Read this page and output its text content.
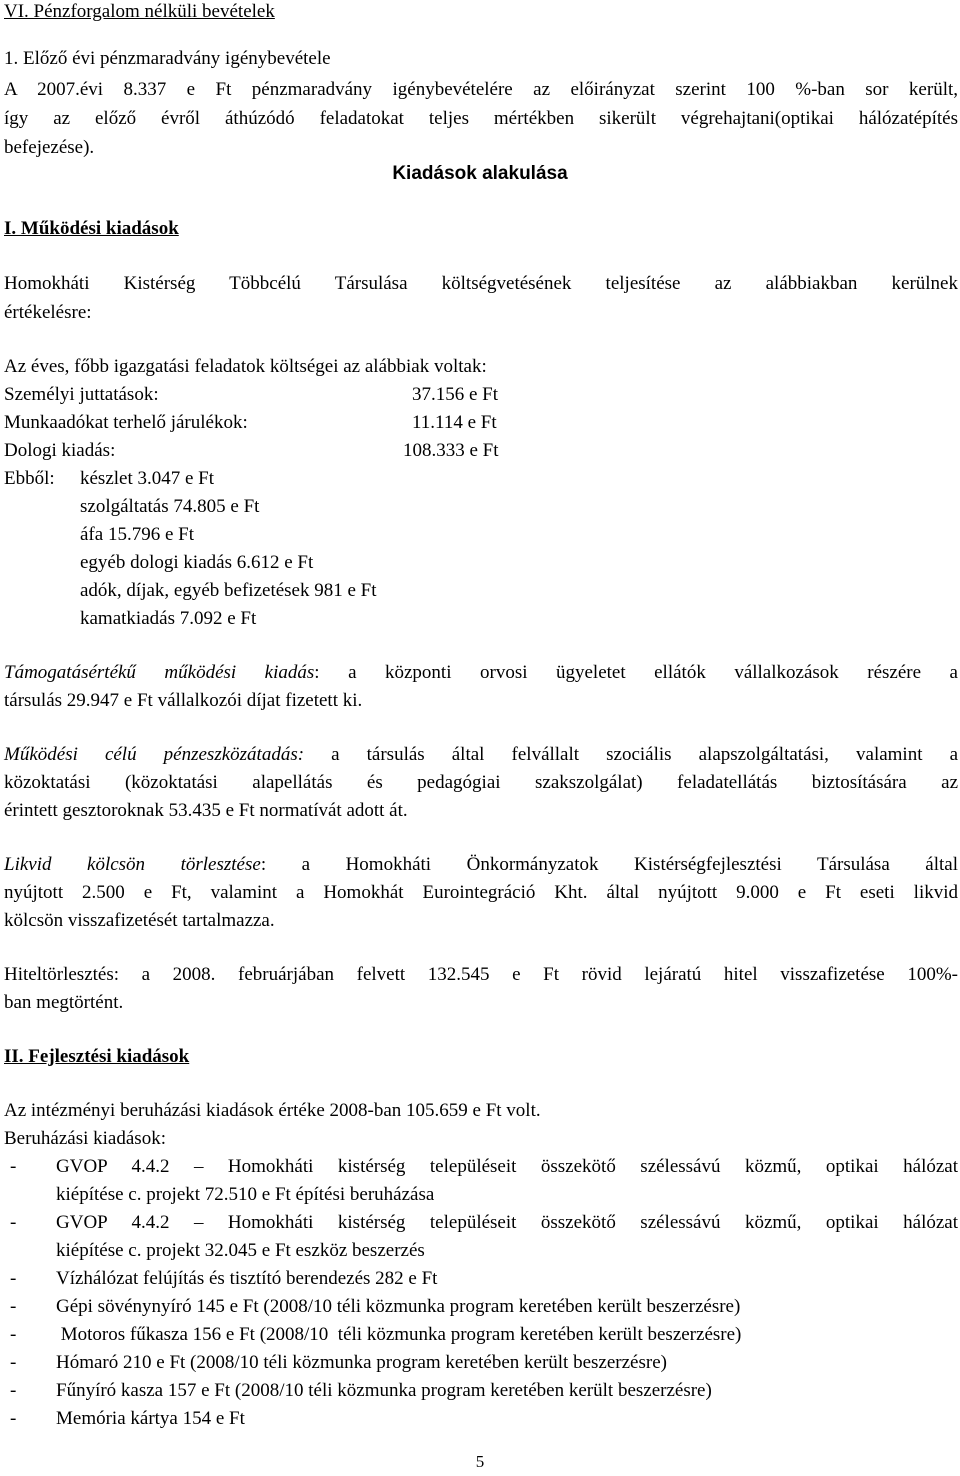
VI. Pénzforgalom nélküli bevételek
1. Előző évi pénzmaradvány igénybevétele
A 2007.évi 8.337 e Ft pénzmaradvány igénybevételére az előirányzat szerint 100 %-ban sor került,
így az előző évről áthúzódó feladatokat teljes mértékben sikerült végrehajtani(optikai hálózatépítés
befejezése).
Kiadások alakulása
I. Működési kiadások
Homokháti Kistérség Többcélú Társulása költségvetésének teljesítése az alábbiakban kerülnek
értékelésre:
Az éves, főbb igazgatási feladatok költségei az alábbiak voltak:
Személyi juttatások:	37.156 e Ft
Munkaadókat terhelő járulékok:	11.114 e Ft
Dologi kiadás:	108.333 e Ft
Ebből: készlet 3.047 e Ft
szolgáltatás 74.805 e Ft
áfa 15.796 e Ft
egyéb dologi kiadás 6.612 e Ft
adók, díjak, egyéb befizetések 981 e Ft
kamatkiadás 7.092 e Ft
Támogatásértékű működési kiadás: a központi orvosi ügyeletet ellátók vállalkozások részére a
társulás 29.947 e Ft vállalkozói díjat fizetett ki.
Működési célú pénzeszközátadás: a társulás által felvállalt szociális alapszolgáltatási, valamint a
közoktatási (közoktatási alapellátás és pedagógiai szakszolgálat) feladatellátás biztosítására az
érintett gesztoroknak 53.435 e Ft normatívát adott át.
Likvid kölcsön törlesztése: a Homokháti Önkormányzatok Kistérségfejlesztési Társulása által
nyújtott 2.500 e Ft, valamint a Homokhát Eurointegráció Kht. által nyújtott 9.000 e Ft eseti likvid
kölcsön visszafizetését tartalmazza.
Hiteltörlesztés: a 2008. februárjában felvett 132.545 e Ft rövid lejáratú hitel visszafizetése 100%-
ban megtörtént.
II. Fejlesztési kiadások
Az intézményi beruházási kiadások értéke 2008-ban 105.659 e Ft volt.
Beruházási kiadások:
- GVOP 4.4.2 – Homokháti kistérség településeit összekötő szélessávú közmű, optikai hálózat
kiépítése c. projekt 72.510 e Ft építési beruházása
- GVOP 4.4.2 – Homokháti kistérség településeit összekötő szélessávú közmű, optikai hálózat
kiépítése c. projekt 32.045 e Ft eszköz beszerzés
- Vízhálózat felújítás és tisztító berendezés 282 e Ft
- Gépi sövénynyíró 145 e Ft (2008/10 téli közmunka program keretében került beszerzésre)
- Motoros fűkasza 156 e Ft (2008/10  téli közmunka program keretében került beszerzésre)
- Hómaró 210 e Ft (2008/10 téli közmunka program keretében került beszerzésre)
- Fűnyíró kasza 157 e Ft (2008/10 téli közmunka program keretében került beszerzésre)
- Memória kártya 154 e Ft
5
